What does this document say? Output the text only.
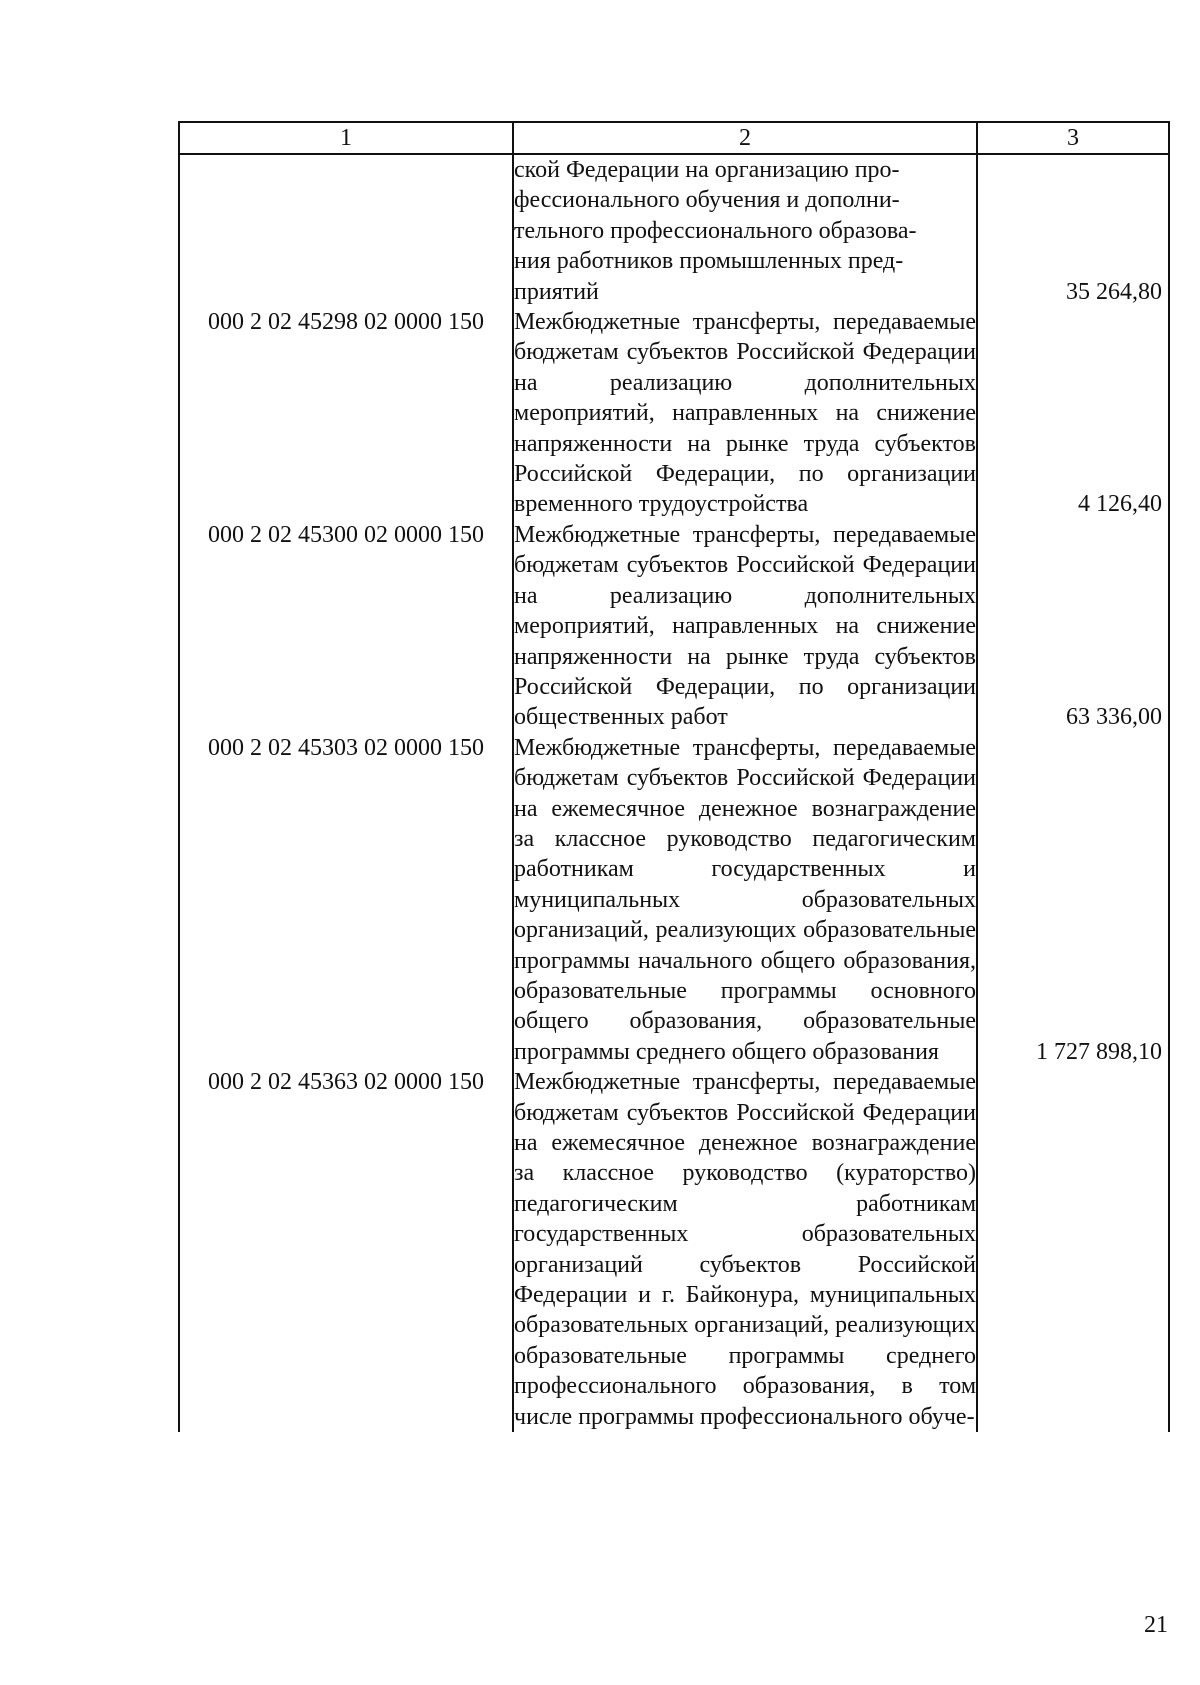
1	2	3

	ской Федерации на организацию про-
фессионального обучения и дополни-
тельного профессионального образова-
ния работников промышленных пред-
приятий	35 264,80
000 2 02 45298 02 0000 150	Межбюджетные трансферты, передаваемые бюджетам субъектов Российской Федерации на реализацию дополнительных мероприятий, направленных на снижение напряженности на рынке труда субъектов Российской Федерации, по организации временного трудоустройства	4 126,40
000 2 02 45300 02 0000 150	Межбюджетные трансферты, передаваемые бюджетам субъектов Российской Федерации на реализацию дополнительных мероприятий, направленных на снижение напряженности на рынке труда субъектов Российской Федерации, по организации общественных работ	63 336,00
000 2 02 45303 02 0000 150	Межбюджетные трансферты, передаваемые бюджетам субъектов Российской Федерации на ежемесячное денежное вознаграждение за классное руководство педагогическим работникам государственных и муниципальных образовательных организаций, реализующих образовательные программы начального общего образования, образовательные программы основного общего образования, образовательные программы среднего общего образования	1 727 898,10
000 2 02 45363 02 0000 150	Межбюджетные трансферты, передаваемые бюджетам субъектов Российской Федерации на ежемесячное денежное вознаграждение за классное руководство (кураторство) педагогическим работникам государственных образовательных организаций субъектов Российской Федерации и г. Байконура, муниципальных образовательных организаций, реализующих образовательные программы среднего профессионального образования, в том числе программы профессионального обуче-	
21
